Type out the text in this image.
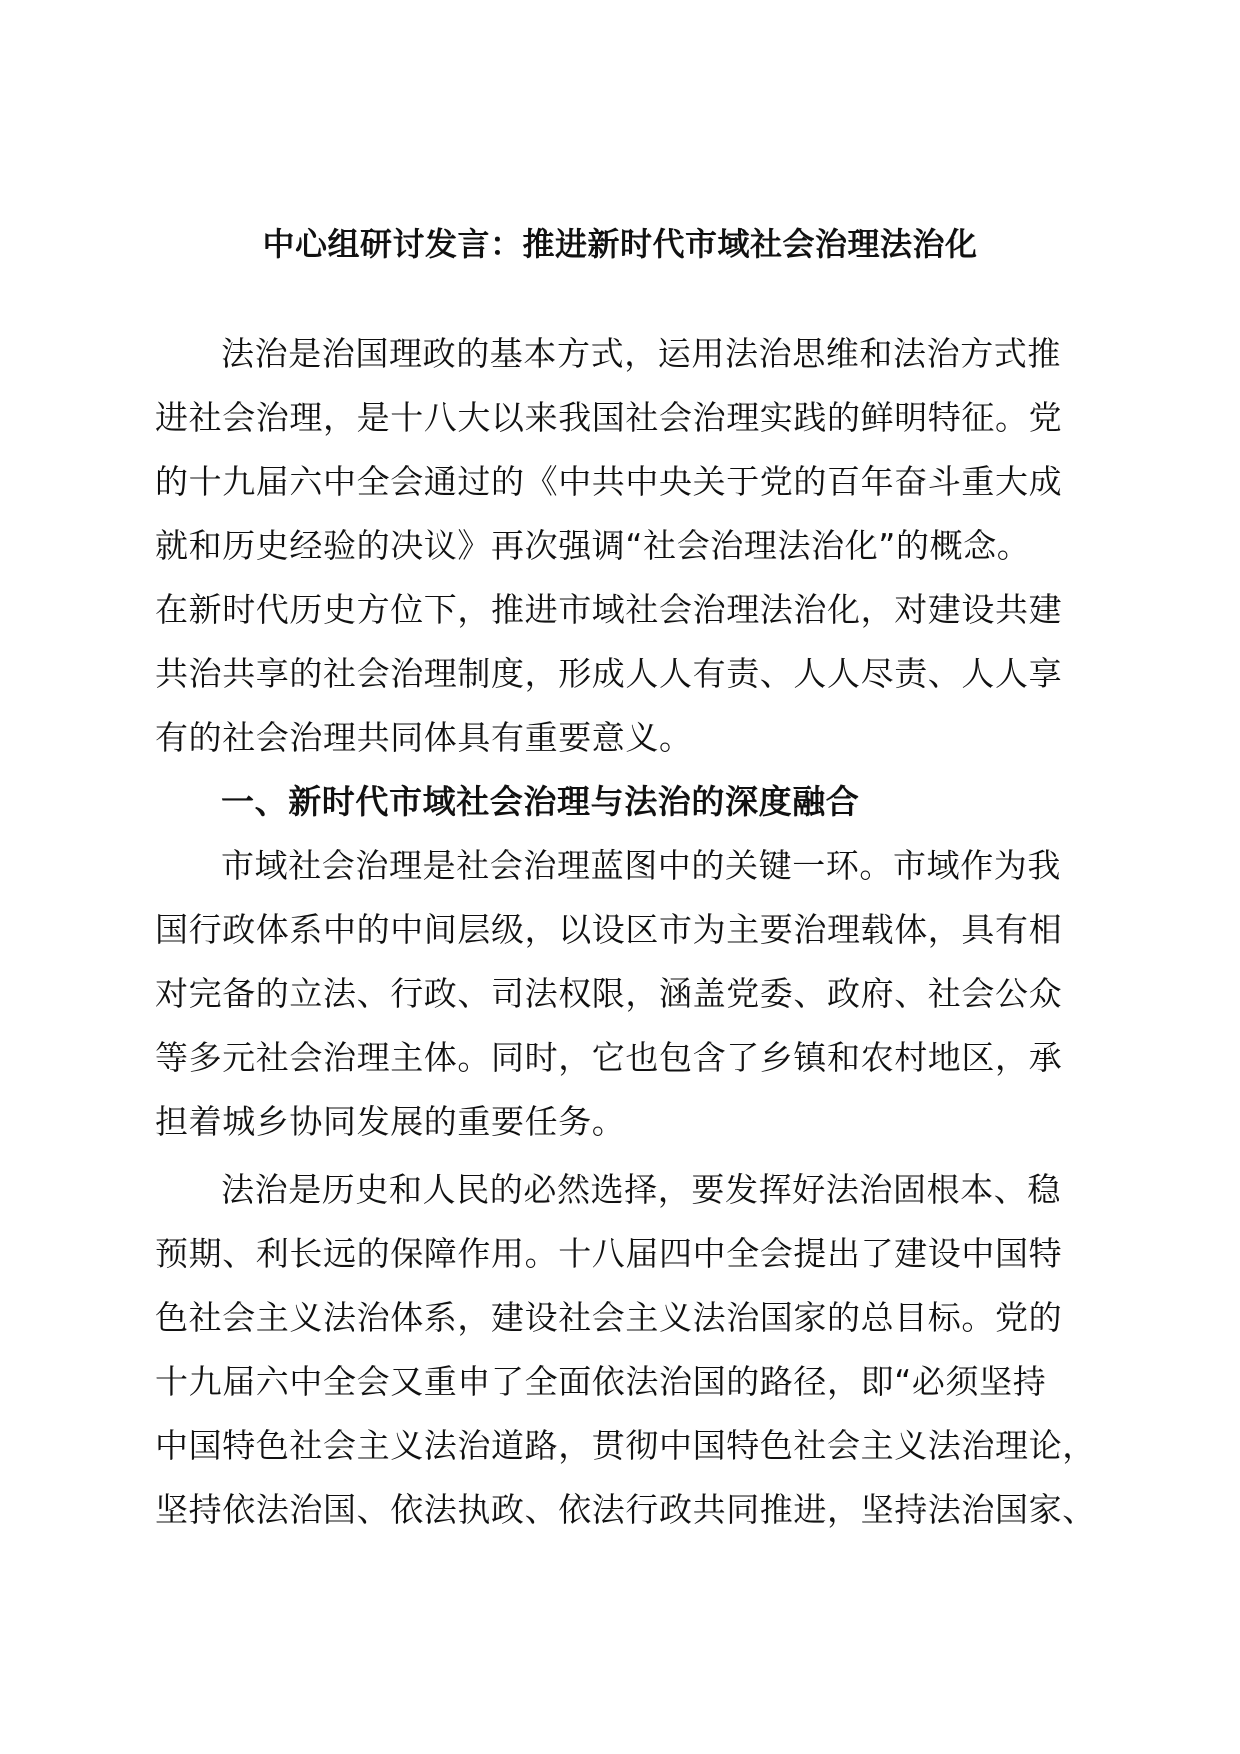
中心组研讨发言：推进新时代市域社会治理法治化
法治是治国理政的基本方式，运用法治思维和法治方式推
进社会治理，是十八大以来我国社会治理实践的鲜明特征。党
的十九届六中全会通过的《中共中央关于党的百年奋斗重大成
就和历史经验的决议》再次强调“社会治理法治化”的概念。
在新时代历史方位下，推进市域社会治理法治化，对建设共建
共治共享的社会治理制度，形成人人有责、人人尽责、人人享
有的社会治理共同体具有重要意义。
一、新时代市域社会治理与法治的深度融合
市域社会治理是社会治理蓝图中的关键一环。市域作为我
国行政体系中的中间层级，以设区市为主要治理载体，具有相
对完备的立法、行政、司法权限，涵盖党委、政府、社会公众
等多元社会治理主体。同时，它也包含了乡镇和农村地区，承
担着城乡协同发展的重要任务。
法治是历史和人民的必然选择，要发挥好法治固根本、稳
预期、利长远的保障作用。十八届四中全会提出了建设中国特
色社会主义法治体系，建设社会主义法治国家的总目标。党的
十九届六中全会又重申了全面依法治国的路径，即“必须坚持
中国特色社会主义法治道路，贯彻中国特色社会主义法治理论，
坚持依法治国、依法执政、依法行政共同推进，坚持法治国家、
